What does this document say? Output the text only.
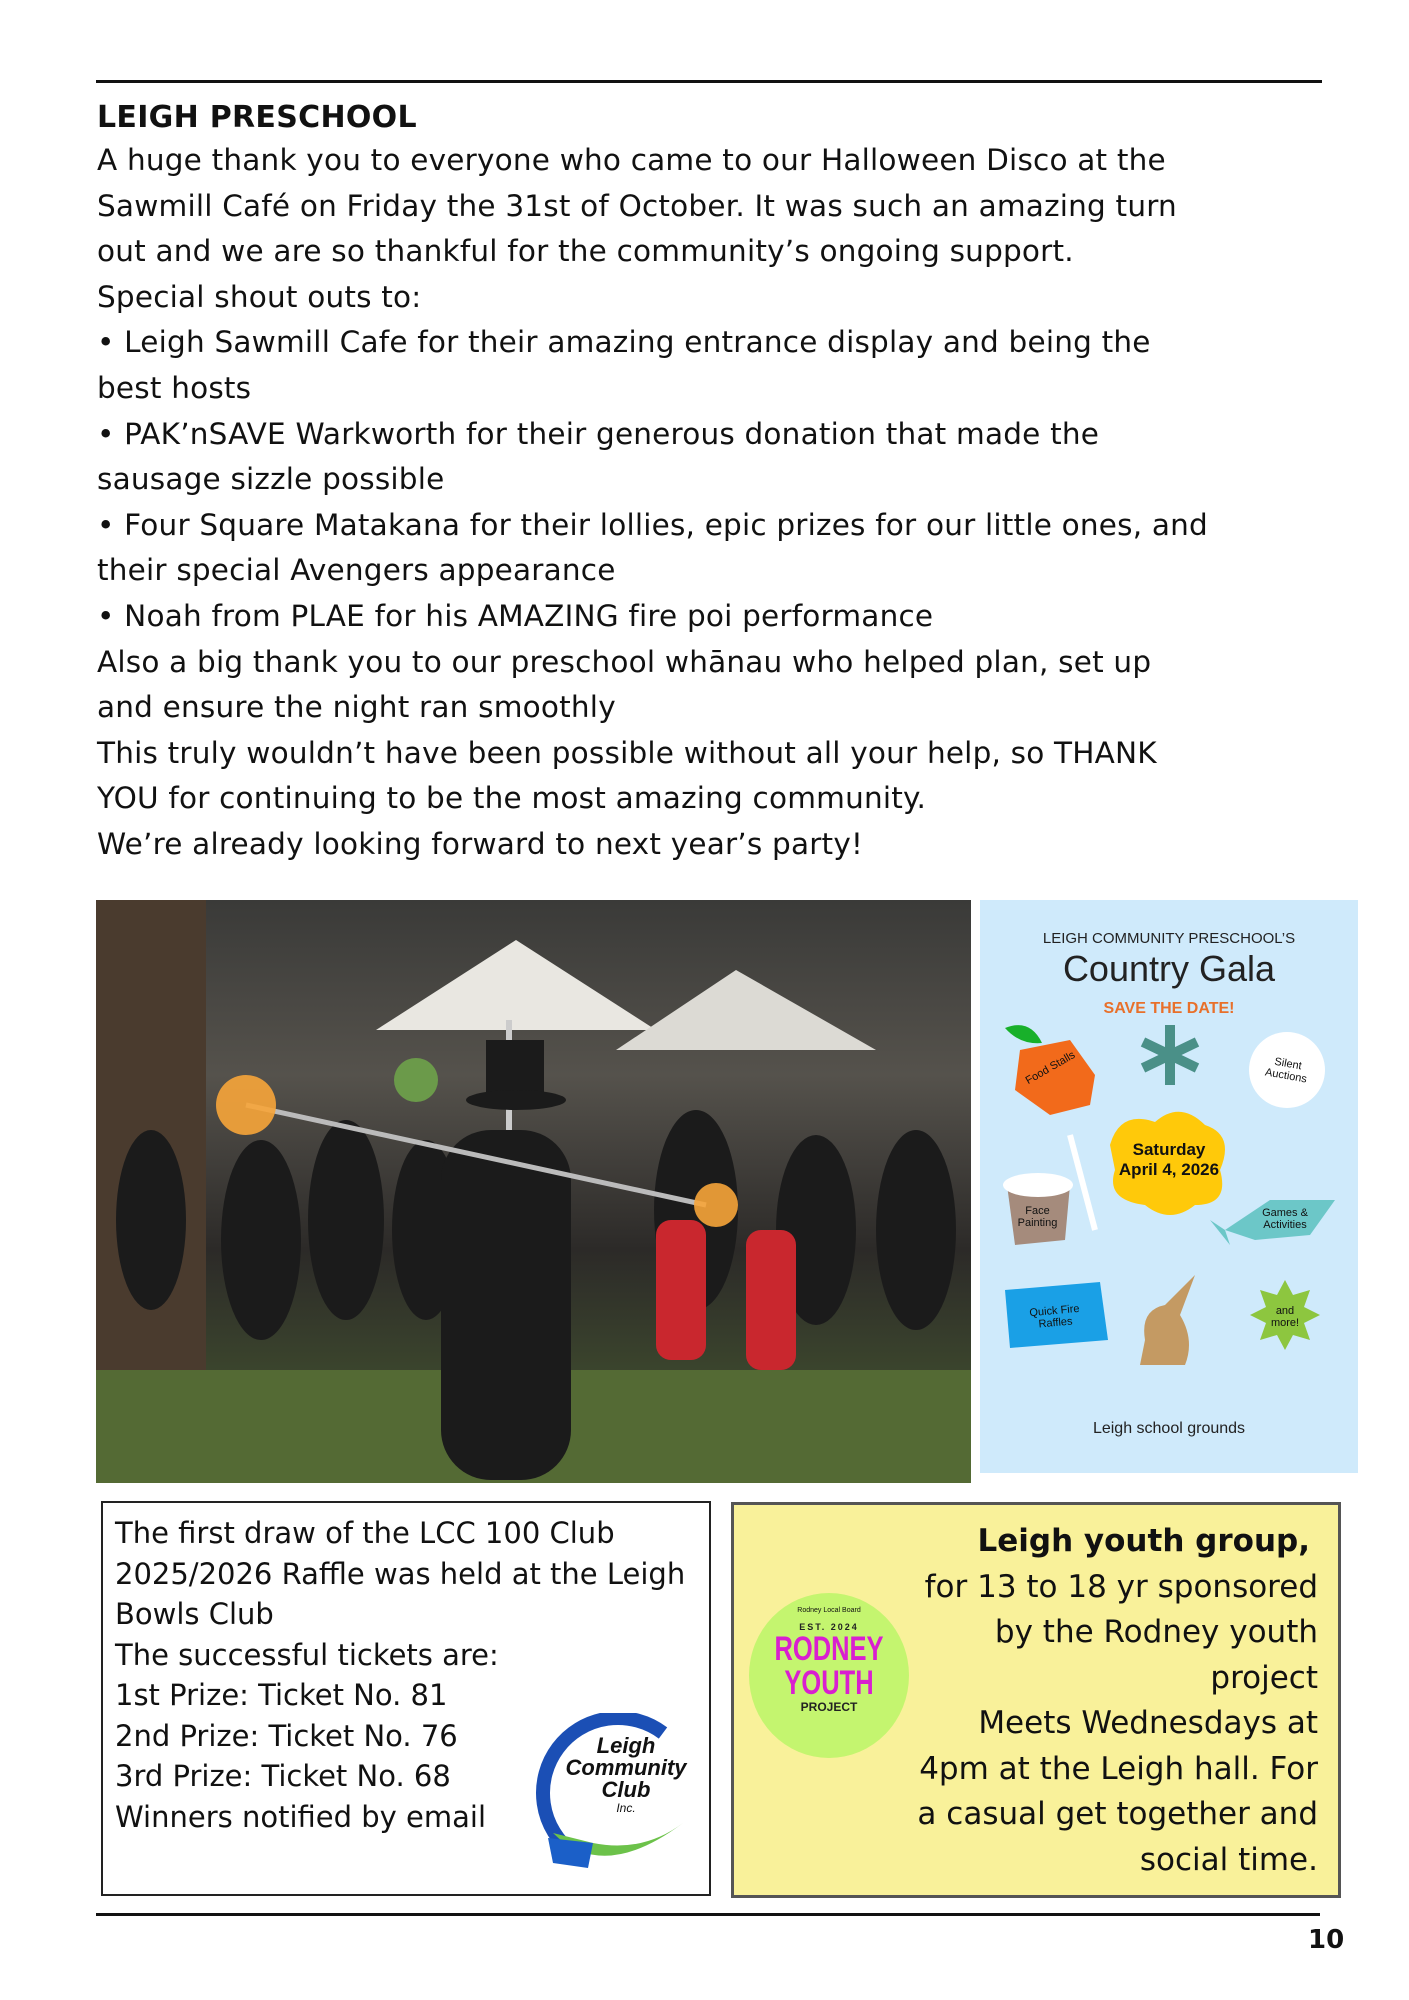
LEIGH PRESCHOOL
A huge thank you to everyone who came to our Halloween Disco at the
Sawmill Café on Friday the 31st of October. It was such an amazing turn
out and we are so thankful for the community’s ongoing support.
Special shout outs to:
• Leigh Sawmill Cafe for their amazing entrance display and being the
best hosts
• PAK’nSAVE Warkworth for their generous donation that made the
sausage sizzle possible
• Four Square Matakana for their lollies, epic prizes for our little ones, and
their special Avengers appearance
• Noah from PLAE for his AMAZING fire poi performance
Also a big thank you to our preschool whānau who helped plan, set up
and ensure the night ran smoothly
This truly wouldn’t have been possible without all your help, so THANK
YOU for continuing to be the most amazing community.
We’re already looking forward to next year’s party!
LEIGH COMMUNITY PRESCHOOL’S
Country Gala
SAVE THE DATE!
Food Stalls	Silent Auctions
Saturday
April 4, 2026
Face Painting
Games & Activities
Quick Fire Raffles
and more!
Leigh school grounds
The first draw of the LCC 100 Club
2025/2026 Raffle was held at the Leigh
Bowls Club
The successful tickets are:
1st Prize: Ticket No. 81
2nd Prize: Ticket No. 76
3rd Prize: Ticket No. 68
Winners notified by email
Leigh
Community
Club
Inc.
Leigh youth group,
for 13 to 18 yr sponsored
by the Rodney youth
project
Meets Wednesdays at
4pm at the Leigh hall. For
a casual get together and
social time.
Rodney Local Board
EST. 2024
RODNEY
YOUTH
PROJECT
10
